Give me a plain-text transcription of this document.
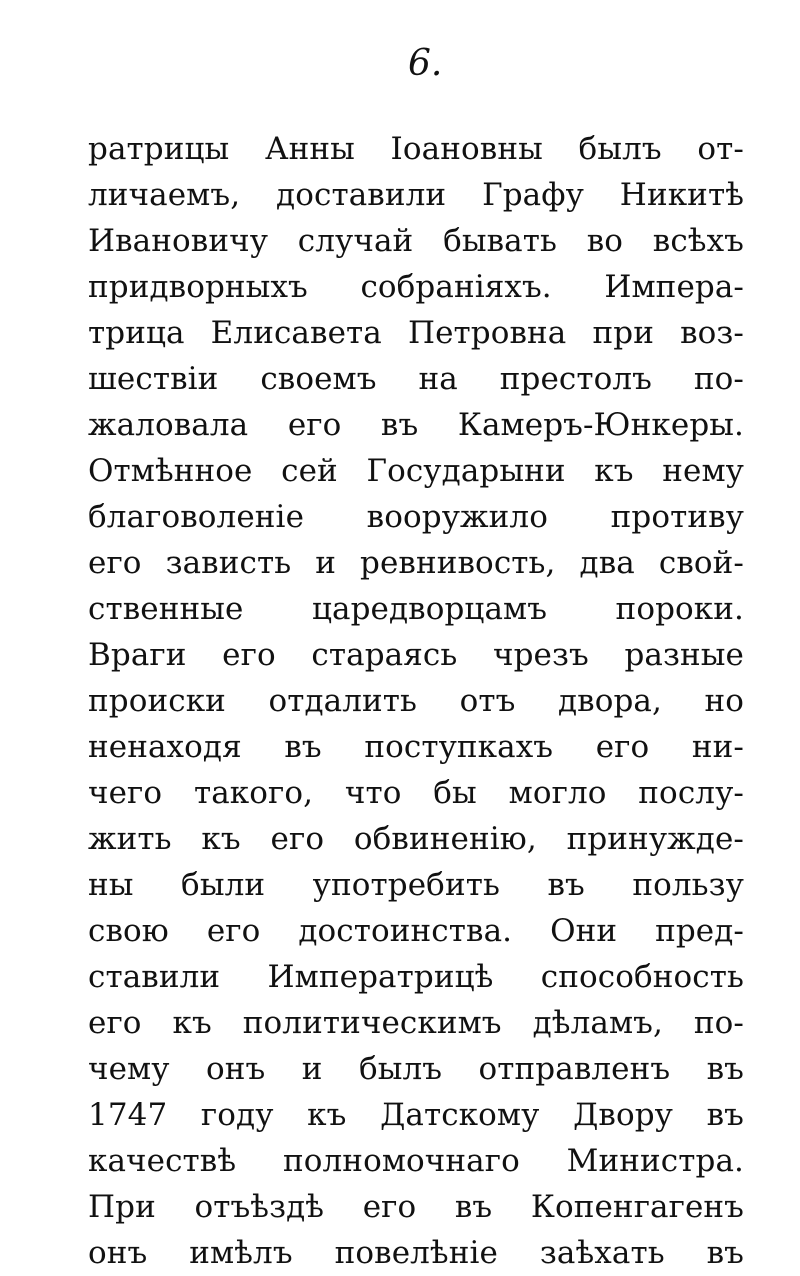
6.
ратрицы Анны Іоановны былъ от-
личаемъ, доставили Графу Никитѣ
Ивановичу случай бывать во всѣхъ
придворныхъ собраніяхъ. Импера-
трица Елисавета Петровна при воз-
шествіи своемъ на престолъ по-
жаловала его въ Камеръ-Юнкеры.
Отмѣнное сей Государыни къ нему
благоволеніе вооружило противу
его зависть и ревнивость, два свой-
ственные царедворцамъ пороки.
Враги его стараясь чрезъ разные
происки отдалить отъ двора, но
ненаходя въ поступкахъ его ни-
чего такого, что бы могло послу-
жить къ его обвиненію, принужде-
ны были употребить въ пользу
свою его достоинства. Они пред-
ставили Императрицѣ способность
его къ политическимъ дѣламъ, по-
чему онъ и былъ отправленъ въ
1747 году къ Датскому Двору въ
качествѣ полномочнаго Министра.
При отъѣздѣ его въ Копенгагенъ
онъ имѣлъ повелѣніе заѣхать въ
